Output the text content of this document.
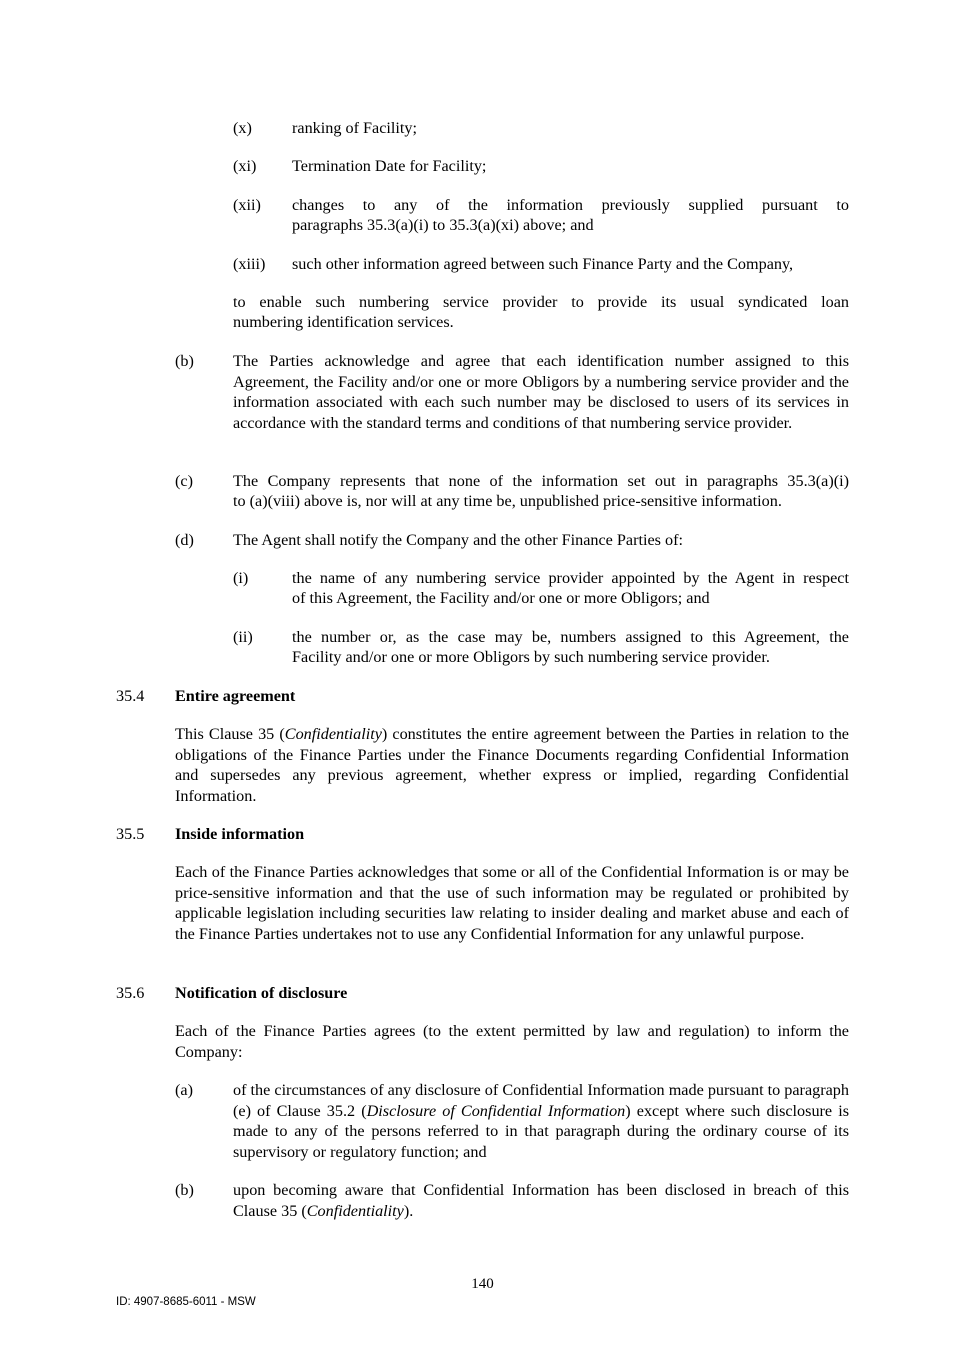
(x) ranking of Facility;
(xi) Termination Date for Facility;
(xii) changes to any of the information previously supplied pursuant to
paragraphs 35.3(a)(i) to 35.3(a)(xi) above; and
(xiii) such other information agreed between such Finance Party and the Company,
to enable such numbering service provider to provide its usual syndicated loan
numbering identification services.
(b) The Parties acknowledge and agree that each identification number assigned to this Agreement, the Facility and/or one or more Obligors by a numbering service provider and the information associated with each such number may be disclosed to users of its services in accordance with the standard terms and conditions of that numbering service provider.
(c) The Company represents that none of the information set out in paragraphs 35.3(a)(i)
to (a)(viii) above is, nor will at any time be, unpublished price-sensitive information.
(d) The Agent shall notify the Company and the other Finance Parties of:
(i)	the name of any numbering service provider appointed by the Agent in respect
of this Agreement, the Facility and/or one or more Obligors; and
(ii) the number or, as the case may be, numbers assigned to this Agreement, the
Facility and/or one or more Obligors by such numbering service provider.
35.4 Entire agreement
This Clause 35 (Confidentiality) constitutes the entire agreement between the Parties in relation to the obligations of the Finance Parties under the Finance Documents regarding Confidential Information and supersedes any previous agreement, whether express or implied, regarding Confidential Information.
35.5 Inside information
Each of the Finance Parties acknowledges that some or all of the Confidential Information is or may be price-sensitive information and that the use of such information may be regulated or prohibited by applicable legislation including securities law relating to insider dealing and market abuse and each of the Finance Parties undertakes not to use any Confidential Information for any unlawful purpose.
35.6 Notification of disclosure
Each of the Finance Parties agrees (to the extent permitted by law and regulation) to inform the Company:
(a) of the circumstances of any disclosure of Confidential Information made pursuant to paragraph (e) of Clause 35.2 (Disclosure of Confidential Information) except where such disclosure is made to any of the persons referred to in that paragraph during the ordinary course of its supervisory or regulatory function; and
(b) upon becoming aware that Confidential Information has been disclosed in breach of this Clause 35 (Confidentiality).
140
ID: 4907-8685-6011 - MSW
